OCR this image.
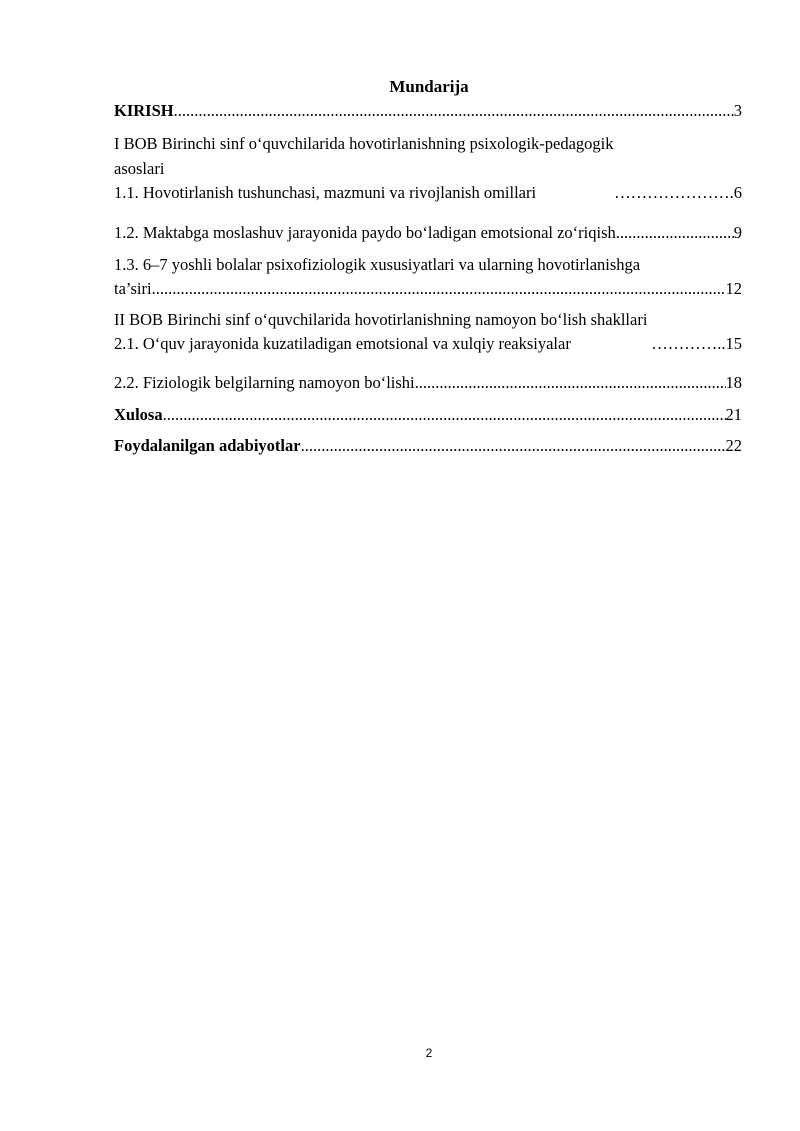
Mundarija
KIRISH .....	3
I BOB Birinchi sinf o‘quvchilarida hovotirlanishning psixologik-pedagogik
asoslari
1.1. Hovotirlanish tushunchasi, mazmuni va rivojlanish omillari	…………………. 6
1.2. Maktabga moslashuv jarayonida paydo bo‘ladigan emotsional zo‘riqish .....	9
1.3. 6–7 yoshli bolalar psixofiziologik xususiyatlari va ularning hovotirlanishga
ta’siri .....	12
II BOB Birinchi sinf o‘quvchilarida hovotirlanishning namoyon bo‘lish shakllari
2.1. O‘quv jarayonida kuzatiladigan emotsional va xulqiy reaksiyalar	………….. 15
2.2. Fiziologik belgilarning namoyon bo‘lishi .....	18
Xulosa .....	21
Foydalanilgan adabiyotlar .....	22
2
